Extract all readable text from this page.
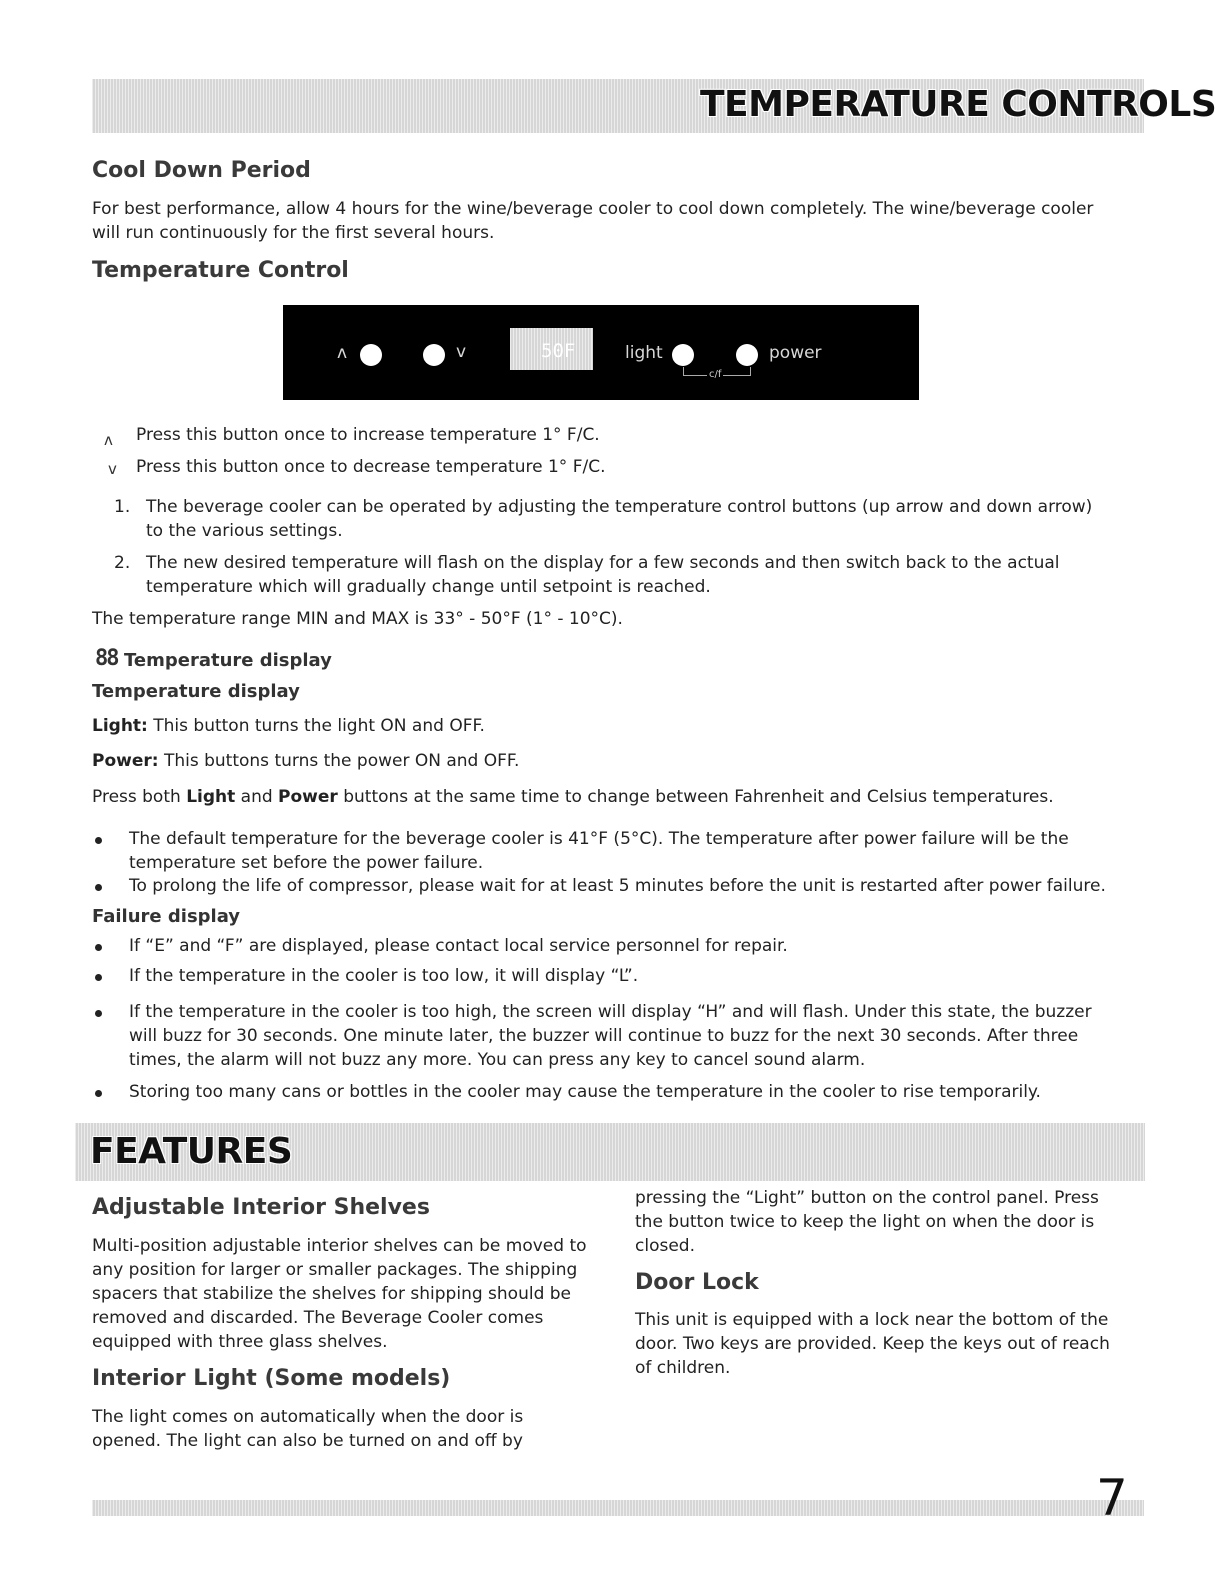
TEMPERATURE CONTROLS
Cool Down Period
For best performance, allow 4 hours for the wine/beverage cooler to cool down completely. The wine/beverage cooler
will run continuously for the first several hours.
Temperature Control
ʌ	v	50F	light	power
c/f
ʌ Press this button once to increase temperature 1° F/C.
v Press this button once to decrease temperature 1° F/C.
1. The beverage cooler can be operated by adjusting the temperature control buttons (up arrow and down arrow)
to the various settings.
2. The new desired temperature will flash on the display for a few seconds and then switch back to the actual
temperature which will gradually change until setpoint is reached.
The temperature range MIN and MAX is 33° - 50°F (1° - 10°C).
88 Temperature display
Temperature display
Light: This button turns the light ON and OFF.
Power: This buttons turns the power ON and OFF.
Press both Light and Power buttons at the same time to change between Fahrenheit and Celsius temperatures.
The default temperature for the beverage cooler is 41°F (5°C). The temperature after power failure will be the
temperature set before the power failure.
To prolong the life of compressor, please wait for at least 5 minutes before the unit is restarted after power failure.
Failure display
If “E” and “F” are displayed, please contact local service personnel for repair.
If the temperature in the cooler is too low, it will display “L”.
If the temperature in the cooler is too high, the screen will display “H” and will flash. Under this state, the buzzer
will buzz for 30 seconds. One minute later, the buzzer will continue to buzz for the next 30 seconds. After three
times, the alarm will not buzz any more. You can press any key to cancel sound alarm.
Storing too many cans or bottles in the cooler may cause the temperature in the cooler to rise temporarily.
FEATURES
Adjustable Interior Shelves
Multi-position adjustable interior shelves can be moved to
any position for larger or smaller packages. The shipping
spacers that stabilize the shelves for shipping should be
removed and discarded. The Beverage Cooler comes
equipped with three glass shelves.
Interior Light (Some models)
The light comes on automatically when the door is
opened. The light can also be turned on and off by
pressing the “Light” button on the control panel. Press
the button twice to keep the light on when the door is
closed.
Door Lock
This unit is equipped with a lock near the bottom of the
door. Two keys are provided. Keep the keys out of reach
of children.
7
